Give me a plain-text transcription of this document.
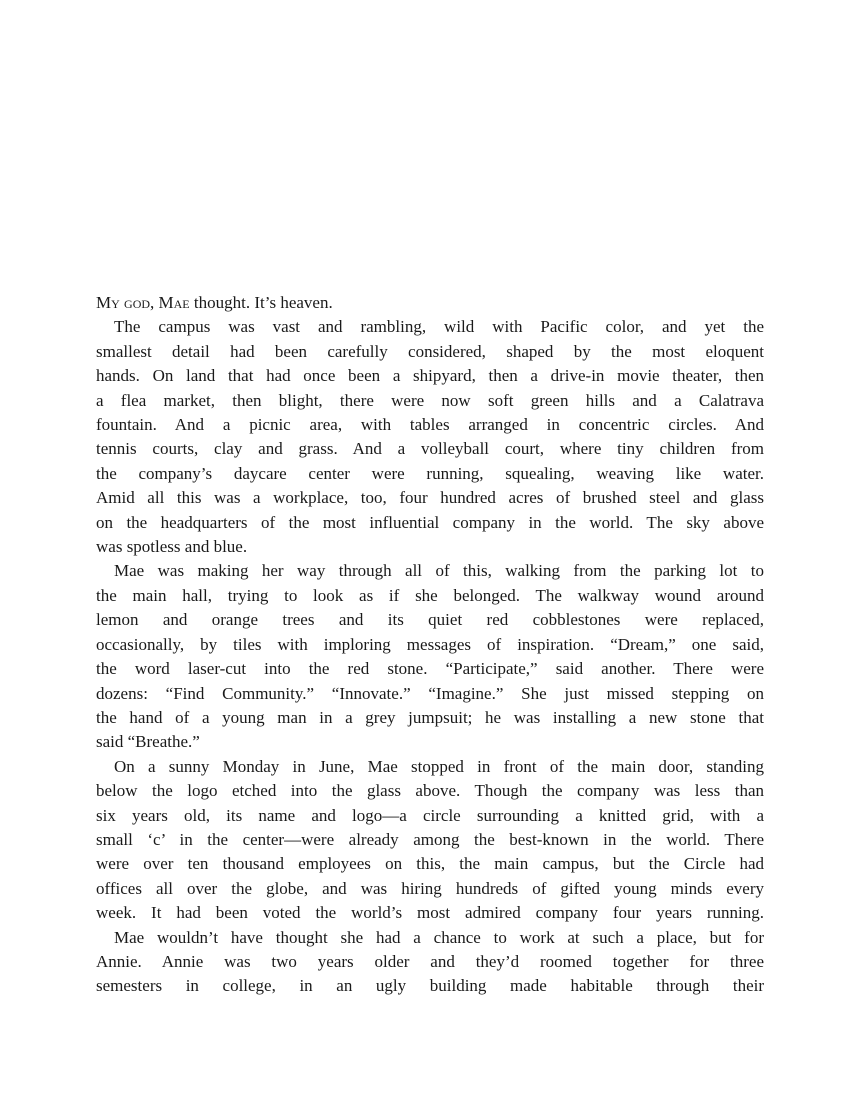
My god, Mae thought. It’s heaven.

The campus was vast and rambling, wild with Pacific color, and yet the
smallest detail had been carefully considered, shaped by the most eloquent
hands. On land that had once been a shipyard, then a drive-in movie theater, then
a flea market, then blight, there were now soft green hills and a Calatrava
fountain. And a picnic area, with tables arranged in concentric circles. And
tennis courts, clay and grass. And a volleyball court, where tiny children from
the company’s daycare center were running, squealing, weaving like water.
Amid all this was a workplace, too, four hundred acres of brushed steel and glass
on the headquarters of the most influential company in the world. The sky above
was spotless and blue.

Mae was making her way through all of this, walking from the parking lot to
the main hall, trying to look as if she belonged. The walkway wound around
lemon and orange trees and its quiet red cobblestones were replaced,
occasionally, by tiles with imploring messages of inspiration. “Dream,” one said,
the word laser-cut into the red stone. “Participate,” said another. There were
dozens: “Find Community.” “Innovate.” “Imagine.” She just missed stepping on
the hand of a young man in a grey jumpsuit; he was installing a new stone that
said “Breathe.”

On a sunny Monday in June, Mae stopped in front of the main door, standing
below the logo etched into the glass above. Though the company was less than
six years old, its name and logo—a circle surrounding a knitted grid, with a
small ‘c’ in the center—were already among the best-known in the world. There
were over ten thousand employees on this, the main campus, but the Circle had
offices all over the globe, and was hiring hundreds of gifted young minds every
week. It had been voted the world’s most admired company four years running.

Mae wouldn’t have thought she had a chance to work at such a place, but for
Annie. Annie was two years older and they’d roomed together for three
semesters in college, in an ugly building made habitable through their
